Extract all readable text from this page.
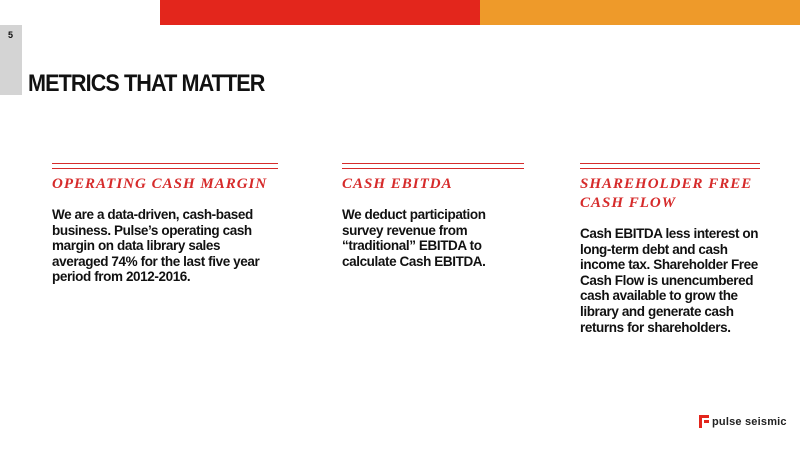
5
METRICS THAT MATTER
OPERATING CASH MARGIN

We are a data-driven, cash-based business. Pulse’s operating cash margin on data library sales averaged 74% for the last five year period from 2012-2016.

CASH EBITDA

We deduct participation survey revenue from “traditional” EBITDA to calculate Cash EBITDA.

SHAREHOLDER FREE CASH FLOW

Cash EBITDA less interest on long-term debt and cash income tax. Shareholder Free Cash Flow is unencumbered cash available to grow the library and generate cash returns for shareholders.

pulse seismic
